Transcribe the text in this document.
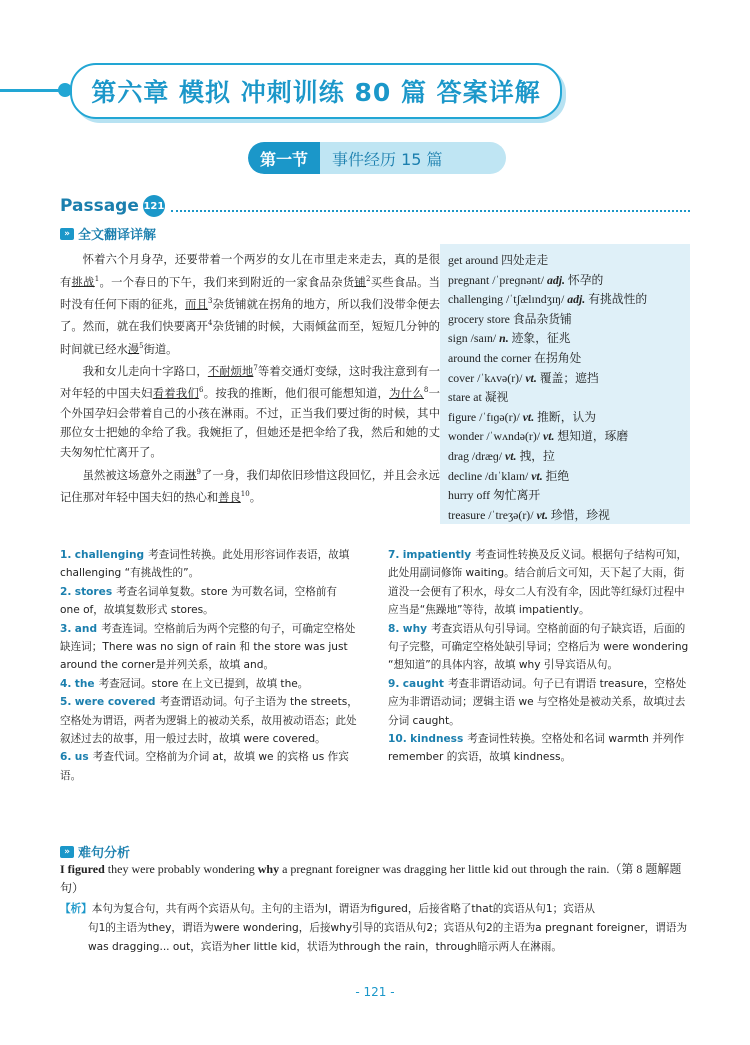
第六章 模拟 冲刺训练 80 篇 答案详解
第一节	事件经历 15 篇
Passage 121
» 全文翻译详解

怀着六个月身孕，还要带着一个两岁的女儿在市里走来走去，真的是很有挑战$^1$。一个春日的下午，我们来到附近的一家食品杂货铺$^2$买些食品。当时没有任何下雨的征兆，而且$^3$杂货铺就在拐角的地方，所以我们没带伞便去了。然而，就在我们快要离开$^4$杂货铺的时候，大雨倾盆而至，短短几分钟的时间就已经水漫$^5$街道。

我和女儿走向十字路口，不耐烦地$^7$等着交通灯变绿，这时我注意到有一对年轻的中国夫妇看着我们$^6$。按我的推断，他们很可能想知道，为什么$^8$一个外国孕妇会带着自己的小孩在淋雨。不过，正当我们要过街的时候，其中那位女士把她的伞给了我。我婉拒了，但她还是把伞给了我，然后和她的丈夫匆匆忙忙离开了。

虽然被这场意外之雨淋$^9$了一身，我们却依旧珍惜这段回忆，并且会永远记住那对年轻中国夫妇的热心和善良$^{10}$。

get around 四处走走
pregnant /ˈpreɡnənt/ adj. 怀孕的
challenging /ˈtʃælɪndʒɪŋ/ adj. 有挑战性的
grocery store 食品杂货铺
sign /saɪn/ n. 迹象，征兆
around the corner 在拐角处
cover /ˈkʌvə(r)/ vt. 覆盖；遮挡
stare at 凝视
figure /ˈfɪɡə(r)/ vt. 推断，认为
wonder /ˈwʌndə(r)/ vt. 想知道，琢磨
drag /dræɡ/ vt. 拽，拉
decline /dɪˈklaɪn/ vt. 拒绝
hurry off 匆忙离开
treasure /ˈtreʒə(r)/ vt. 珍惜，珍视
1. challenging 考查词性转换。此处用形容词作表语，故填 challenging “有挑战性的”。
2. stores 考查名词单复数。store 为可数名词，空格前有 one of，故填复数形式 stores。
3. and 考查连词。空格前后为两个完整的句子，可确定空格处缺连词；There was no sign of rain 和 the store was just around the corner是并列关系，故填 and。
4. the 考查冠词。store 在上文已提到，故填 the。
5. were covered 考查谓语动词。句子主语为 the streets，空格处为谓语，两者为逻辑上的被动关系，故用被动语态；此处叙述过去的故事，用一般过去时，故填 were covered。
6. us 考查代词。空格前为介词 at，故填 we 的宾格 us 作宾语。
7. impatiently 考查词性转换及反义词。根据句子结构可知，此处用副词修饰 waiting。结合前后文可知，天下起了大雨，街道没一会便有了积水，母女二人有没有伞，因此等红绿灯过程中应当是“焦躁地”等待，故填 impatiently。
8. why 考查宾语从句引导词。空格前面的句子缺宾语，后面的句子完整，可确定空格处缺引导词；空格后为 were wondering “想知道”的具体内容，故填 why 引导宾语从句。
9. caught 考查非谓语动词。句子已有谓语 treasure，空格处应为非谓语动词；逻辑主语 we 与空格处是被动关系，故填过去分词 caught。
10. kindness 考查词性转换。空格处和名词 warmth 并列作 remember 的宾语，故填 kindness。
» 难句分析
I figured they were probably wondering why a pregnant foreigner was dragging her little kid out through the rain.（第 8 题解题句）
【析】本句为复合句，共有两个宾语从句。主句的主语为I，谓语为figured，后接省略了that的宾语从句1；宾语从
句1的主语为they，谓语为were wondering，后接why引导的宾语从句2；宾语从句2的主语为a pregnant foreigner，谓语为was dragging... out，宾语为her little kid，状语为through the rain，through暗示两人在淋雨。
- 121 -
